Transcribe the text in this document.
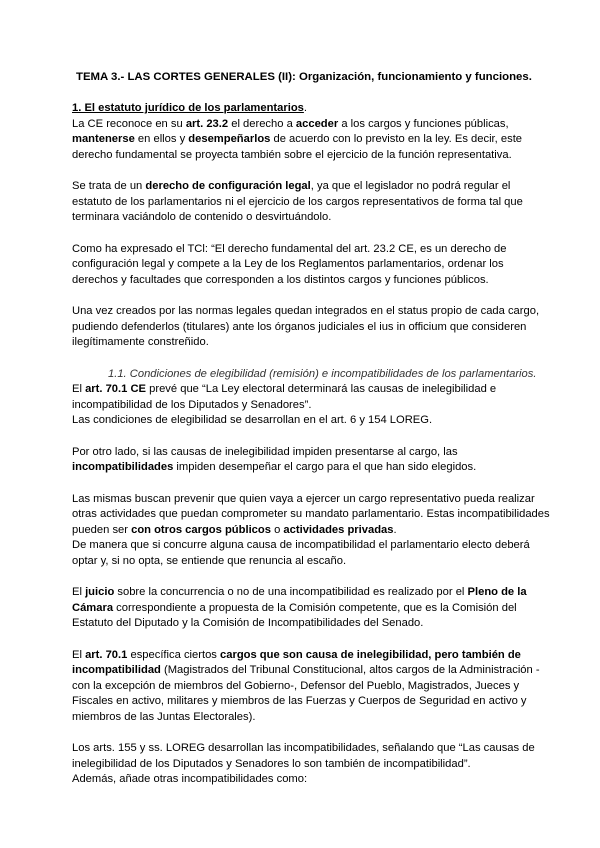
TEMA 3.- LAS CORTES GENERALES (II): Organización, funcionamiento y funciones.

1. El estatuto jurídico de los parlamentarios.

La CE reconoce en su art. 23.2 el derecho a acceder a los cargos y funciones públicas, mantenerse en ellos y desempeñarlos de acuerdo con lo previsto en la ley. Es decir, este derecho fundamental se proyecta también sobre el ejercicio de la función representativa.

Se trata de un derecho de configuración legal, ya que el legislador no podrá regular el estatuto de los parlamentarios ni el ejercicio de los cargos representativos de forma tal que terminara vaciándolo de contenido o desvirtuándolo.

Como ha expresado el TCl: “El derecho fundamental del art. 23.2 CE, es un derecho de configuración legal y compete a la Ley de los Reglamentos parlamentarios, ordenar los derechos y facultades que corresponden a los distintos cargos y funciones públicos.

Una vez creados por las normas legales quedan integrados en el status propio de cada cargo, pudiendo defenderlos (titulares) ante los órganos judiciales el ius in officium que consideren ilegítimamente constreñido.

1.1. Condiciones de elegibilidad (remisión) e incompatibilidades de los parlamentarios.

El art. 70.1 CE prevé que “La Ley electoral determinará las causas de inelegibilidad e incompatibilidad de los Diputados y Senadores”.

Las condiciones de elegibilidad se desarrollan en el art. 6 y 154 LOREG.

Por otro lado, si las causas de inelegibilidad impiden presentarse al cargo, las incompatibilidades impiden desempeñar el cargo para el que han sido elegidos.

Las mismas buscan prevenir que quien vaya a ejercer un cargo representativo pueda realizar otras actividades que puedan comprometer su mandato parlamentario. Estas incompatibilidades pueden ser con otros cargos públicos o actividades privadas.

De manera que si concurre alguna causa de incompatibilidad el parlamentario electo deberá optar y, si no opta, se entiende que renuncia al escaño.

El juicio sobre la concurrencia o no de una incompatibilidad es realizado por el Pleno de la Cámara correspondiente a propuesta de la Comisión competente, que es la Comisión del Estatuto del Diputado y la Comisión de Incompatibilidades del Senado.

El art. 70.1 específica ciertos cargos que son causa de inelegibilidad, pero también de incompatibilidad (Magistrados del Tribunal Constitucional, altos cargos de la Administración -con la excepción de miembros del Gobierno-, Defensor del Pueblo, Magistrados, Jueces y Fiscales en activo, militares y miembros de las Fuerzas y Cuerpos de Seguridad en activo y miembros de las Juntas Electorales).

Los arts. 155 y ss. LOREG desarrollan las incompatibilidades, señalando que “Las causas de inelegibilidad de los Diputados y Senadores lo son también de incompatibilidad”.

Además, añade otras incompatibilidades como:
